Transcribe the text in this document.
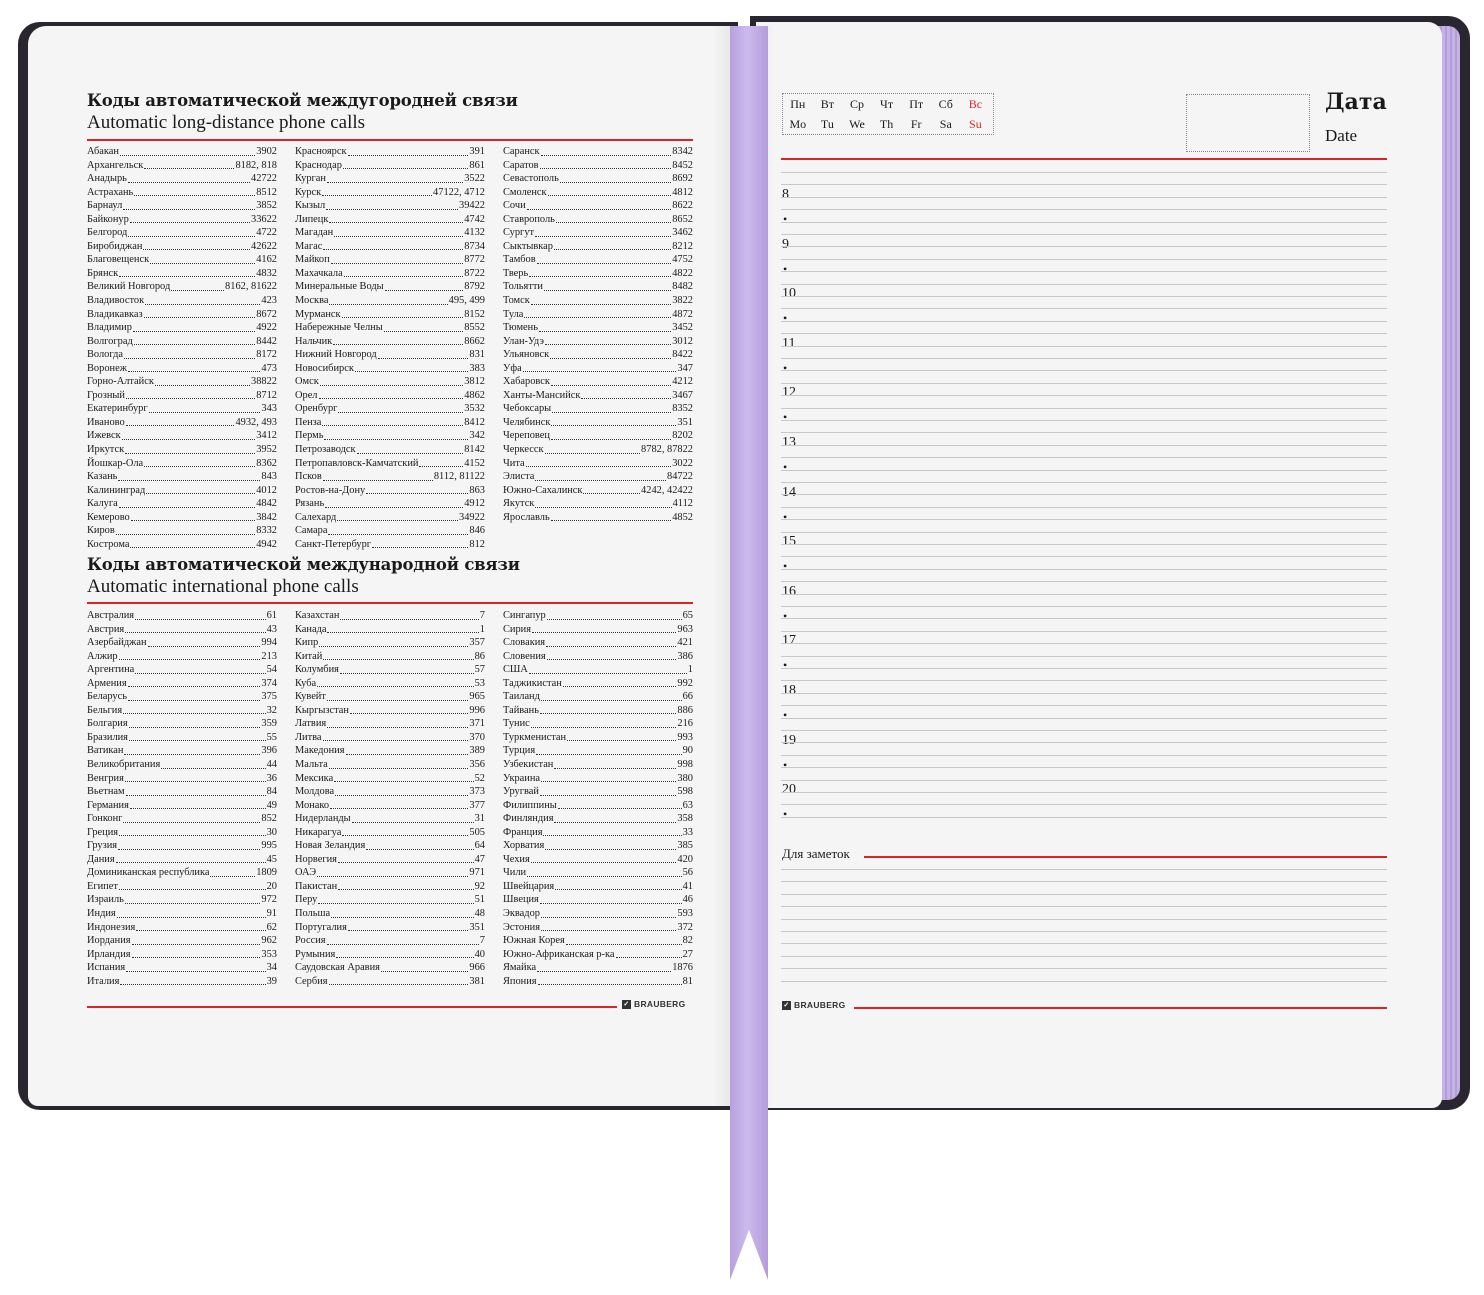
Коды автоматической междугородней связи
Automatic long-distance phone calls
Абакан	3902
Архангельск	8182, 818
Анадырь	42722
Астрахань	8512
Барнаул	3852
Байконур	33622
Белгород	4722
Биробиджан	42622
Благовещенск	4162
Брянск	4832
Великий Новгород	8162, 81622
Владивосток	423
Владикавказ	8672
Владимир	4922
Волгоград	8442
Вологда	8172
Воронеж	473
Горно-Алтайск	38822
Грозный	8712
Екатеринбург	343
Иваново	4932, 493
Ижевск	3412
Иркутск	3952
Йошкар-Ола	8362
Казань	843
Калининград	4012
Калуга	4842
Кемерово	3842
Киров	8332
Кострома	4942
Красноярск	391
Краснодар	861
Курган	3522
Курск	47122, 4712
Кызыл	39422
Липецк	4742
Магадан	4132
Магас	8734
Майкоп	8772
Махачкала	8722
Минеральные Воды	8792
Москва	495, 499
Мурманск	8152
Набережные Челны	8552
Нальчик	8662
Нижний Новгород	831
Новосибирск	383
Омск	3812
Орел	4862
Оренбург	3532
Пенза	8412
Пермь	342
Петрозаводск	8142
Петропавловск-Камчатский	4152
Псков	8112, 81122
Ростов-на-Дону	863
Рязань	4912
Салехард	34922
Самара	846
Санкт-Петербург	812
Саранск	8342
Саратов	8452
Севастополь	8692
Смоленск	4812
Сочи	8622
Ставрополь	8652
Сургут	3462
Сыктывкар	8212
Тамбов	4752
Тверь	4822
Тольятти	8482
Томск	3822
Тула	4872
Тюмень	3452
Улан-Удэ	3012
Ульяновск	8422
Уфа	347
Хабаровск	4212
Ханты-Мансийск	3467
Чебоксары	8352
Челябинск	351
Череповец	8202
Черкесск	8782, 87822
Чита	3022
Элиста	84722
Южно-Сахалинск	4242, 42422
Якутск	4112
Ярославль	4852
Коды автоматической международной связи
Automatic international phone calls
Австралия	61
Австрия	43
Азербайджан	994
Алжир	213
Аргентина	54
Армения	374
Беларусь	375
Бельгия	32
Болгария	359
Бразилия	55
Ватикан	396
Великобритания	44
Венгрия	36
Вьетнам	84
Германия	49
Гонконг	852
Греция	30
Грузия	995
Дания	45
Доминиканская республика	1809
Египет	20
Израиль	972
Индия	91
Индонезия	62
Иордания	962
Ирландия	353
Испания	34
Италия	39
Казахстан	7
Канада	1
Кипр	357
Китай	86
Колумбия	57
Куба	53
Кувейт	965
Кыргызстан	996
Латвия	371
Литва	370
Македония	389
Мальта	356
Мексика	52
Молдова	373
Монако	377
Нидерланды	31
Никарагуа	505
Новая Зеландия	64
Норвегия	47
ОАЭ	971
Пакистан	92
Перу	51
Польша	48
Португалия	351
Россия	7
Румыния	40
Саудовская Аравия	966
Сербия	381
Сингапур	65
Сирия	963
Словакия	421
Словения	386
США	1
Таджикистан	992
Таиланд	66
Тайвань	886
Тунис	216
Туркменистан	993
Турция	90
Узбекистан	998
Украина	380
Уругвай	598
Филиппины	63
Финляндия	358
Франция	33
Хорватия	385
Чехия	420
Чили	56
Швейцария	41
Швеция	46
Эквадор	593
Эстония	372
Южная Корея	82
Южно-Африканская р-ка	27
Ямайка	1876
Япония	81
✓ BRAUBERG
Пн	Вт	Ср	Чт	Пт	Сб	Вс
Mo	Tu	We	Th	Fr	Sa	Su
Дата
Date
8
•
9
•
10
•
11
•
12
•
13
•
14
•
15
•
16
•
17
•
18
•
19
•
20
•
Для заметок
✓ BRAUBERG
